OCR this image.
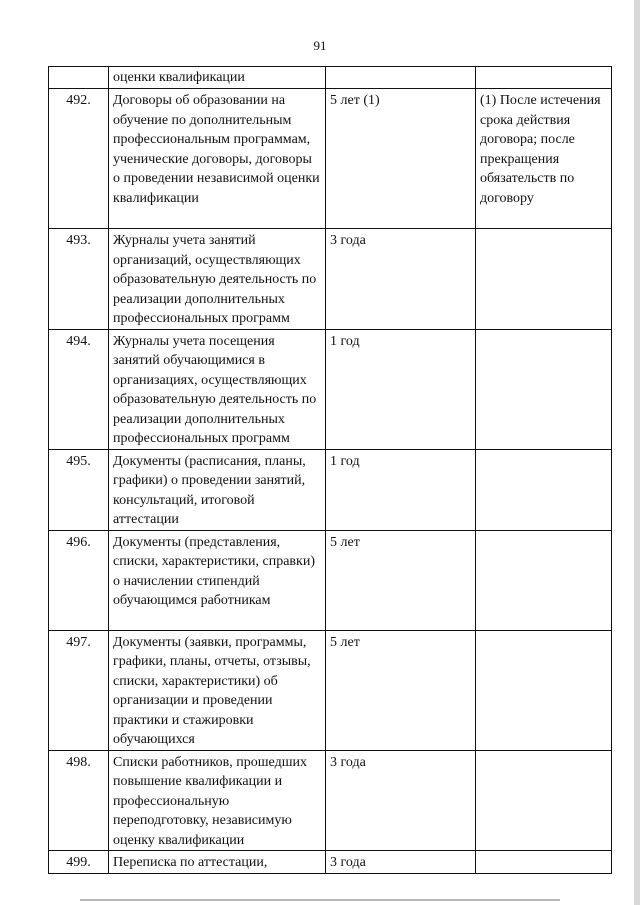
91
	оценки квалификации		
492.	Договоры об образовании на обучение по дополнительным профессиональным программам, ученические договоры, договоры о проведении независимой оценки квалификации	5 лет (1)	(1) После истечения срока действия договора; после прекращения обязательств по договору
493.	Журналы учета занятий организаций, осуществляющих образовательную деятельность по реализации дополнительных профессиональных программ	3 года	
494.	Журналы учета посещения занятий обучающимися в организациях, осуществляющих образовательную деятельность по реализации дополнительных профессиональных программ	1 год	
495.	Документы (расписания, планы, графики) о проведении занятий, консультаций, итоговой аттестации	1 год	
496.	Документы (представления, списки, характеристики, справки) о начислении стипендий обучающимся работникам	5 лет	
497.	Документы (заявки, программы, графики, планы, отчеты, отзывы, списки, характеристики) об организации и проведении практики и стажировки обучающихся	5 лет	
498.	Списки работников, прошедших повышение квалификации и профессиональную переподготовку, независимую оценку квалификации	3 года	
499.	Переписка по аттестации,	3 года	
